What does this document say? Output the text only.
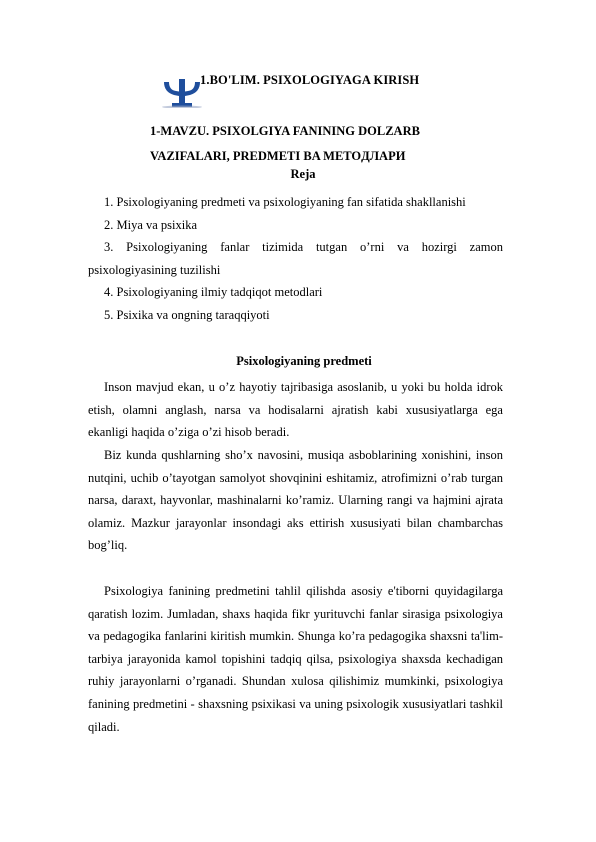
1.BO'LIM. PSIXOLOGIYAGA KIRISH
1-MAVZU. PSIXOLGIYA FANINING DOLZARB
VAZIFALARI, PREDMETI BA METOДЛАРИ
Reja

1. Psixologiyaning predmeti va psixologiyaning fan sifatida shakllanishi

2. Miya va psixika

3. Psixologiyaning fanlar tizimida tutgan o’rni va hozirgi zamon psixologiyasining tuzilishi

4. Psixologiyaning ilmiy tadqiqot metodlari

5. Psixika va ongning taraqqiyoti

Psixologiyaning predmeti

Inson mavjud ekan, u o’z hayotiy tajribasiga asoslanib, u yoki bu holda idrok etish, olamni anglash, narsa va hodisalarni ajratish kabi xususiyatlarga ega ekanligi haqida o’ziga o’zi hisob beradi.

Biz kunda qushlarning sho’x navosini, musiqa asboblarining xonishini, inson nutqini, uchib o’tayotgan samolyot shovqinini eshitamiz, atrofimizni o’rab turgan narsa, daraxt, hayvonlar, mashinalarni ko’ramiz. Ularning rangi va hajmini ajrata olamiz. Mazkur jarayonlar insondagi aks ettirish xususiyati bilan chambarchas bog’liq.

Psixologiya fanining predmetini tahlil qilishda asosiy e'tiborni quyidagilarga qaratish lozim. Jumladan, shaxs haqida fikr yurituvchi fanlar sirasiga psixologiya va pedagogika fanlarini kiritish mumkin. Shunga ko’ra pedagogika shaxsni ta'lim-tarbiya jarayonida kamol topishini tadqiq qilsa, psixologiya shaxsda kechadigan ruhiy jarayonlarni o’rganadi. Shundan xulosa qilishimiz mumkinki, psixologiya fanining predmetini - shaxsning psixikasi va uning psixologik xususiyatlari tashkil qiladi.
